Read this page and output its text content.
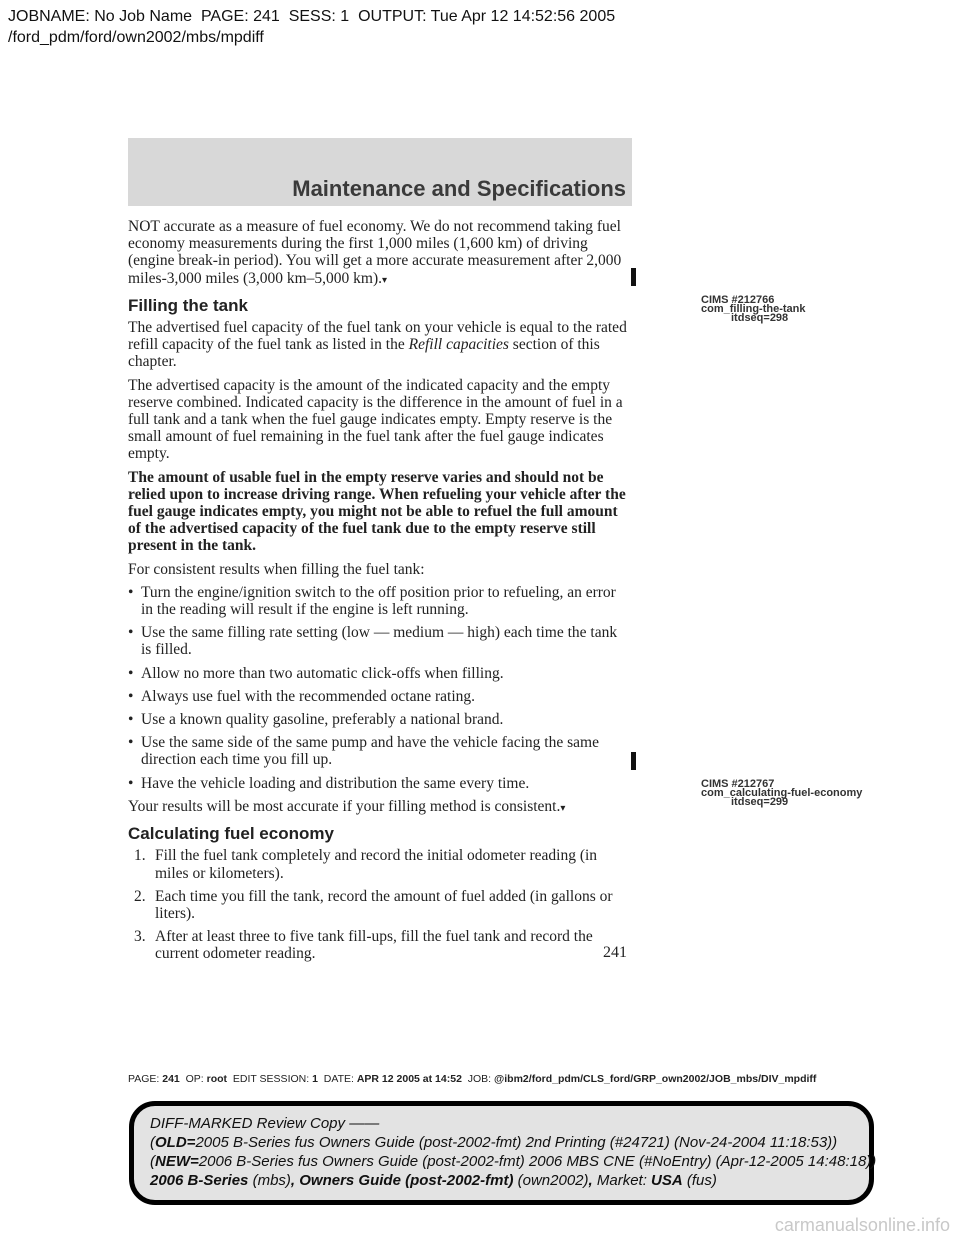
JOBNAME: No Job Name  PAGE: 241  SESS: 1  OUTPUT: Tue Apr 12 14:52:56 2005
/ford_pdm/ford/own2002/mbs/mpdiff
Maintenance and Specifications

NOT accurate as a measure of fuel economy. We do not recommend taking fuel economy measurements during the first 1,000 miles (1,600 km) of driving (engine break-in period). You will get a more accurate measurement after 2,000 miles-3,000 miles (3,000 km–5,000 km).▾

Filling the tank

The advertised fuel capacity of the fuel tank on your vehicle is equal to the rated refill capacity of the fuel tank as listed in the Refill capacities section of this chapter.

The advertised capacity is the amount of the indicated capacity and the empty reserve combined. Indicated capacity is the difference in the amount of fuel in a full tank and a tank when the fuel gauge indicates empty. Empty reserve is the small amount of fuel remaining in the fuel tank after the fuel gauge indicates empty.

The amount of usable fuel in the empty reserve varies and should not be relied upon to increase driving range. When refueling your vehicle after the fuel gauge indicates empty, you might not be able to refuel the full amount of the advertised capacity of the fuel tank due to the empty reserve still present in the tank.

For consistent results when filling the fuel tank:

• Turn the engine/ignition switch to the off position prior to refueling, an error in the reading will result if the engine is left running.
• Use the same filling rate setting (low — medium — high) each time the tank is filled.
• Allow no more than two automatic click-offs when filling.
• Always use fuel with the recommended octane rating.
• Use a known quality gasoline, preferably a national brand.
• Use the same side of the same pump and have the vehicle facing the same direction each time you fill up.
• Have the vehicle loading and distribution the same every time.

Your results will be most accurate if your filling method is consistent.▾

Calculating fuel economy
1. Fill the fuel tank completely and record the initial odometer reading (in miles or kilometers).
2. Each time you fill the tank, record the amount of fuel added (in gallons or liters).
3. After at least three to five tank fill-ups, fill the fuel tank and record the current odometer reading.
CIMS #212766
com_filling-the-tank
itdseq=298
CIMS #212767
com_calculating-fuel-economy
itdseq=299
241
PAGE: 241 OP: root EDIT SESSION: 1 DATE: APR 12 2005 at 14:52 JOB: @ibm2/ford_pdm/CLS_ford/GRP_own2002/JOB_mbs/DIV_mpdiff
DIFF-MARKED Review Copy ——
(OLD=2005 B-Series fus Owners Guide (post-2002-fmt) 2nd Printing (#24721) (Nov-24-2004 11:18:53))
(NEW=2006 B-Series fus Owners Guide (post-2002-fmt) 2006 MBS CNE (#NoEntry) (Apr-12-2005 14:48:18))
2006 B-Series (mbs), Owners Guide (post-2002-fmt) (own2002), Market: USA (fus)
carmanualsonline.info
